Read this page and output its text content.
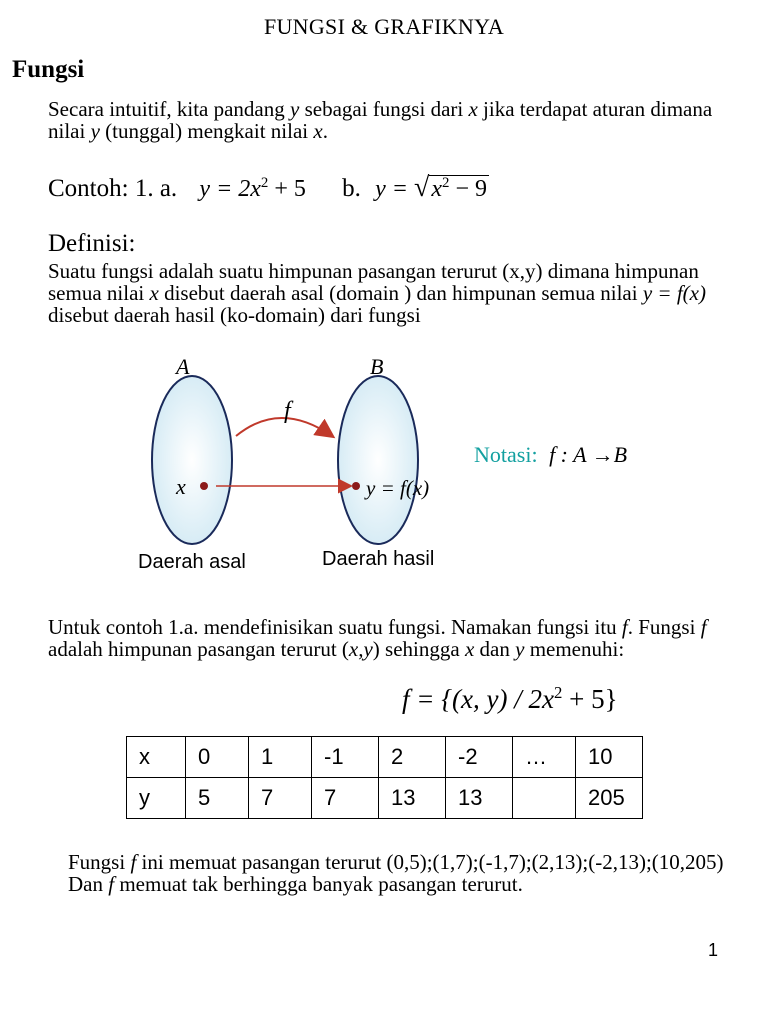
FUNGSI & GRAFIKNYA
Fungsi
Secara intuitif, kita pandang y sebagai fungsi dari x jika terdapat aturan dimana nilai y (tunggal) mengkait nilai x.
Contoh: 1. a. $y = 2x^2 + 5$ b. $y = √x^2 - 9$
Definisi:
Suatu fungsi adalah suatu himpunan pasangan terurut (x,y) dimana himpunan semua nilai x disebut daerah asal (domain ) dan himpunan semua nilai y = f(x) disebut daerah hasil (ko-domain) dari fungsi
A	B
f
x	y = f(x)
Daerah asal	Daerah hasil
Notasi: f : A →B
Untuk contoh 1.a. mendefinisikan suatu fungsi. Namakan fungsi itu f. Fungsi f adalah himpunan pasangan terurut (x,y) sehingga x dan y memenuhi:
f = {(x, $y) / 2x^2 + 5$}
x	0	1	-1	2	-2	…	10
y	5	7	7	13	13		205
Fungsi f ini memuat pasangan terurut (0,5);(1,7);(-1,7);(2,13);(-2,13);(10,205)
Dan f memuat tak berhingga banyak pasangan terurut.
1
